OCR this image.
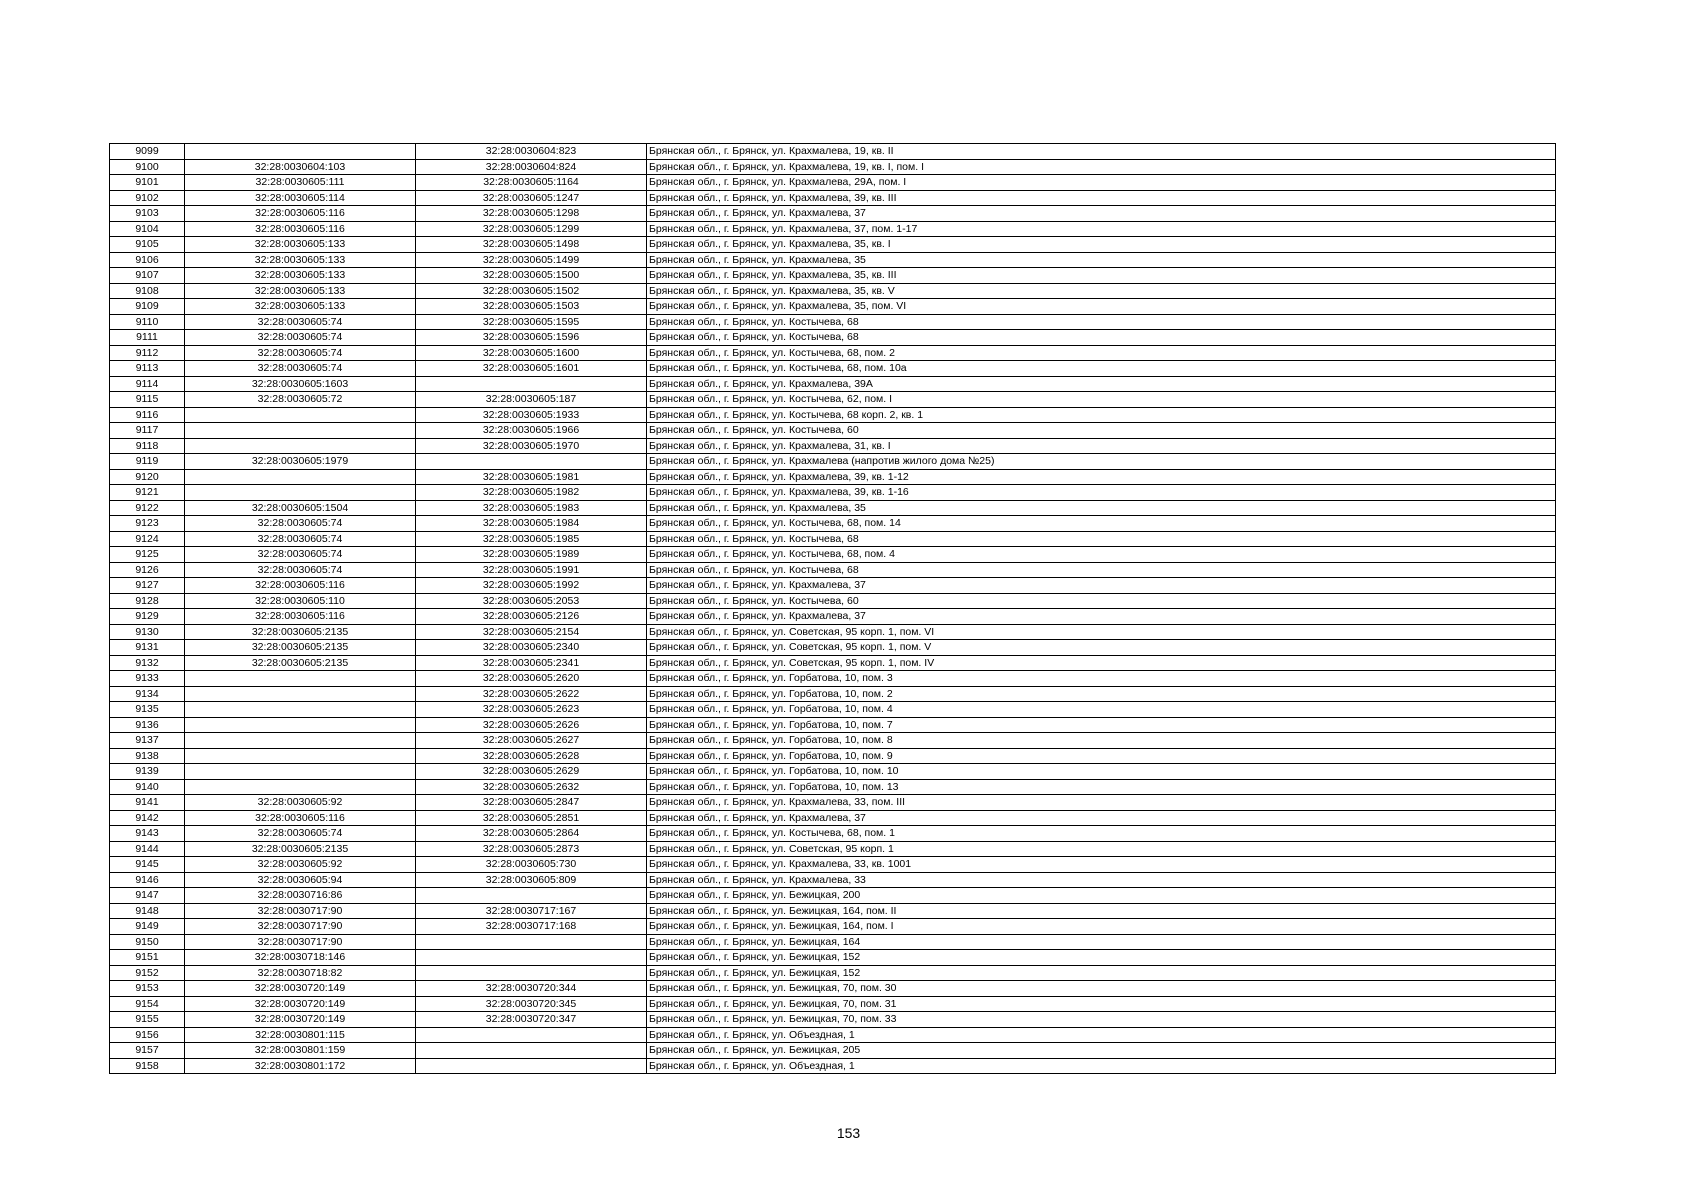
9099		32:28:0030604:823	Брянская обл., г. Брянск, ул. Крахмалева, 19, кв. II
9100	32:28:0030604:103	32:28:0030604:824	Брянская обл., г. Брянск, ул. Крахмалева, 19, кв. I, пом. I
9101	32:28:0030605:111	32:28:0030605:1164	Брянская обл., г. Брянск, ул. Крахмалева, 29А, пом. I
9102	32:28:0030605:114	32:28:0030605:1247	Брянская обл., г. Брянск, ул. Крахмалева, 39, кв. III
9103	32:28:0030605:116	32:28:0030605:1298	Брянская обл., г. Брянск, ул. Крахмалева, 37
9104	32:28:0030605:116	32:28:0030605:1299	Брянская обл., г. Брянск, ул. Крахмалева, 37, пом. 1-17
9105	32:28:0030605:133	32:28:0030605:1498	Брянская обл., г. Брянск, ул. Крахмалева, 35, кв. I
9106	32:28:0030605:133	32:28:0030605:1499	Брянская обл., г. Брянск, ул. Крахмалева, 35
9107	32:28:0030605:133	32:28:0030605:1500	Брянская обл., г. Брянск, ул. Крахмалева, 35, кв. III
9108	32:28:0030605:133	32:28:0030605:1502	Брянская обл., г. Брянск, ул. Крахмалева, 35, кв. V
9109	32:28:0030605:133	32:28:0030605:1503	Брянская обл., г. Брянск, ул. Крахмалева, 35, пом. VI
9110	32:28:0030605:74	32:28:0030605:1595	Брянская обл., г. Брянск, ул. Костычева, 68
9111	32:28:0030605:74	32:28:0030605:1596	Брянская обл., г. Брянск, ул. Костычева, 68
9112	32:28:0030605:74	32:28:0030605:1600	Брянская обл., г. Брянск, ул. Костычева, 68, пом. 2
9113	32:28:0030605:74	32:28:0030605:1601	Брянская обл., г. Брянск, ул. Костычева, 68, пом. 10а
9114	32:28:0030605:1603		Брянская обл., г. Брянск, ул. Крахмалева, 39А
9115	32:28:0030605:72	32:28:0030605:187	Брянская обл., г. Брянск, ул. Костычева, 62, пом. I
9116		32:28:0030605:1933	Брянская обл., г. Брянск, ул. Костычева, 68 корп. 2, кв. 1
9117		32:28:0030605:1966	Брянская обл., г. Брянск, ул. Костычева, 60
9118		32:28:0030605:1970	Брянская обл., г. Брянск, ул. Крахмалева, 31, кв. I
9119	32:28:0030605:1979		Брянская обл., г. Брянск, ул. Крахмалева (напротив жилого дома №25)
9120		32:28:0030605:1981	Брянская обл., г. Брянск, ул. Крахмалева, 39, кв. 1-12
9121		32:28:0030605:1982	Брянская обл., г. Брянск, ул. Крахмалева, 39, кв. 1-16
9122	32:28:0030605:1504	32:28:0030605:1983	Брянская обл., г. Брянск, ул. Крахмалева, 35
9123	32:28:0030605:74	32:28:0030605:1984	Брянская обл., г. Брянск, ул. Костычева, 68, пом. 14
9124	32:28:0030605:74	32:28:0030605:1985	Брянская обл., г. Брянск, ул. Костычева, 68
9125	32:28:0030605:74	32:28:0030605:1989	Брянская обл., г. Брянск, ул. Костычева, 68, пом. 4
9126	32:28:0030605:74	32:28:0030605:1991	Брянская обл., г. Брянск, ул. Костычева, 68
9127	32:28:0030605:116	32:28:0030605:1992	Брянская обл., г. Брянск, ул. Крахмалева, 37
9128	32:28:0030605:110	32:28:0030605:2053	Брянская обл., г. Брянск, ул. Костычева, 60
9129	32:28:0030605:116	32:28:0030605:2126	Брянская обл., г. Брянск, ул. Крахмалева, 37
9130	32:28:0030605:2135	32:28:0030605:2154	Брянская обл., г. Брянск, ул. Советская, 95 корп. 1, пом. VI
9131	32:28:0030605:2135	32:28:0030605:2340	Брянская обл., г. Брянск, ул. Советская, 95 корп. 1, пом. V
9132	32:28:0030605:2135	32:28:0030605:2341	Брянская обл., г. Брянск, ул. Советская, 95 корп. 1, пом. IV
9133		32:28:0030605:2620	Брянская обл., г. Брянск, ул. Горбатова, 10, пом. 3
9134		32:28:0030605:2622	Брянская обл., г. Брянск, ул. Горбатова, 10, пом. 2
9135		32:28:0030605:2623	Брянская обл., г. Брянск, ул. Горбатова, 10, пом. 4
9136		32:28:0030605:2626	Брянская обл., г. Брянск, ул. Горбатова, 10, пом. 7
9137		32:28:0030605:2627	Брянская обл., г. Брянск, ул. Горбатова, 10, пом. 8
9138		32:28:0030605:2628	Брянская обл., г. Брянск, ул. Горбатова, 10, пом. 9
9139		32:28:0030605:2629	Брянская обл., г. Брянск, ул. Горбатова, 10, пом. 10
9140		32:28:0030605:2632	Брянская обл., г. Брянск, ул. Горбатова, 10, пом. 13
9141	32:28:0030605:92	32:28:0030605:2847	Брянская обл., г. Брянск, ул. Крахмалева, 33, пом. III
9142	32:28:0030605:116	32:28:0030605:2851	Брянская обл., г. Брянск, ул. Крахмалева, 37
9143	32:28:0030605:74	32:28:0030605:2864	Брянская обл., г. Брянск, ул. Костычева, 68, пом. 1
9144	32:28:0030605:2135	32:28:0030605:2873	Брянская обл., г. Брянск, ул. Советская, 95 корп. 1
9145	32:28:0030605:92	32:28:0030605:730	Брянская обл., г. Брянск, ул. Крахмалева, 33, кв. 1001
9146	32:28:0030605:94	32:28:0030605:809	Брянская обл., г. Брянск, ул. Крахмалева, 33
9147	32:28:0030716:86		Брянская обл., г. Брянск, ул. Бежицкая, 200
9148	32:28:0030717:90	32:28:0030717:167	Брянская обл., г. Брянск, ул. Бежицкая, 164, пом. II
9149	32:28:0030717:90	32:28:0030717:168	Брянская обл., г. Брянск, ул. Бежицкая, 164, пом. I
9150	32:28:0030717:90		Брянская обл., г. Брянск, ул. Бежицкая, 164
9151	32:28:0030718:146		Брянская обл., г. Брянск, ул. Бежицкая, 152
9152	32:28:0030718:82		Брянская обл., г. Брянск, ул. Бежицкая, 152
9153	32:28:0030720:149	32:28:0030720:344	Брянская обл., г. Брянск, ул. Бежицкая, 70, пом. 30
9154	32:28:0030720:149	32:28:0030720:345	Брянская обл., г. Брянск, ул. Бежицкая, 70, пом. 31
9155	32:28:0030720:149	32:28:0030720:347	Брянская обл., г. Брянск, ул. Бежицкая, 70, пом. 33
9156	32:28:0030801:115		Брянская обл., г. Брянск, ул. Объездная, 1
9157	32:28:0030801:159		Брянская обл., г. Брянск, ул. Бежицкая, 205
9158	32:28:0030801:172		Брянская обл., г. Брянск, ул. Объездная, 1
153
